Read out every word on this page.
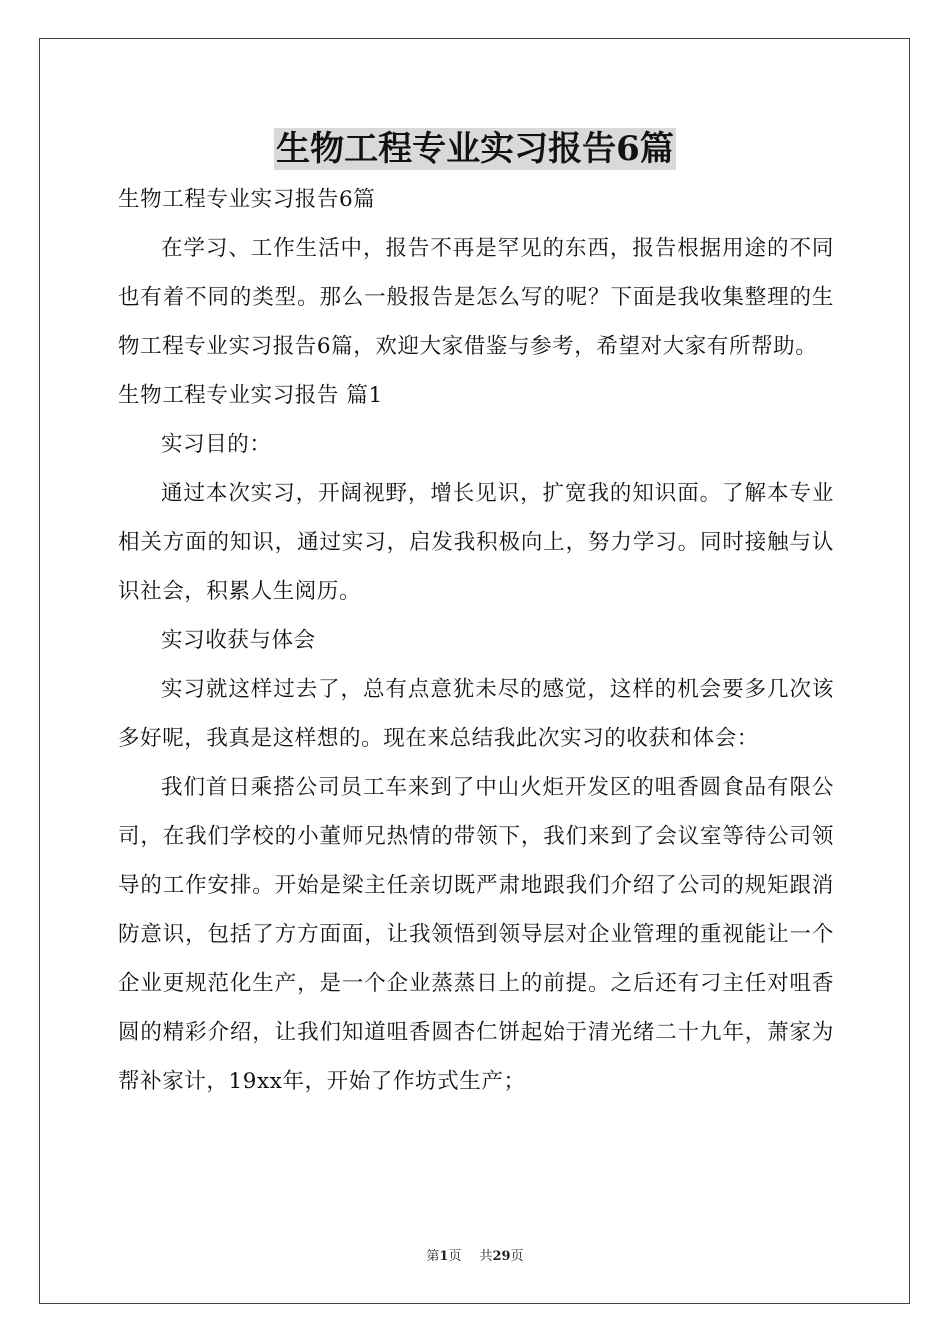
生物工程专业实习报告6篇

生物工程专业实习报告6篇

在学习、工作生活中，报告不再是罕见的东西，报告根据用途的不同也有着不同的类型。那么一般报告是怎么写的呢？下面是我收集整理的生物工程专业实习报告6篇，欢迎大家借鉴与参考，希望对大家有所帮助。

生物工程专业实习报告 篇1

实习目的：

通过本次实习，开阔视野，增长见识，扩宽我的知识面。了解本专业相关方面的知识，通过实习，启发我积极向上，努力学习。同时接触与认识社会，积累人生阅历。

实习收获与体会

实习就这样过去了，总有点意犹未尽的感觉，这样的机会要多几次该多好呢，我真是这样想的。现在来总结我此次实习的收获和体会：

我们首日乘搭公司员工车来到了中山火炬开发区的咀香圆食品有限公司，在我们学校的小董师兄热情的带领下，我们来到了会议室等待公司领导的工作安排。开始是梁主任亲切既严肃地跟我们介绍了公司的规矩跟消防意识，包括了方方面面，让我领悟到领导层对企业管理的重视能让一个企业更规范化生产，是一个企业蒸蒸日上的前提。之后还有刁主任对咀香圆的精彩介绍，让我们知道咀香圆杏仁饼起始于清光绪二十九年，萧家为帮补家计，19xx年，开始了作坊式生产；

第1页 共29页
